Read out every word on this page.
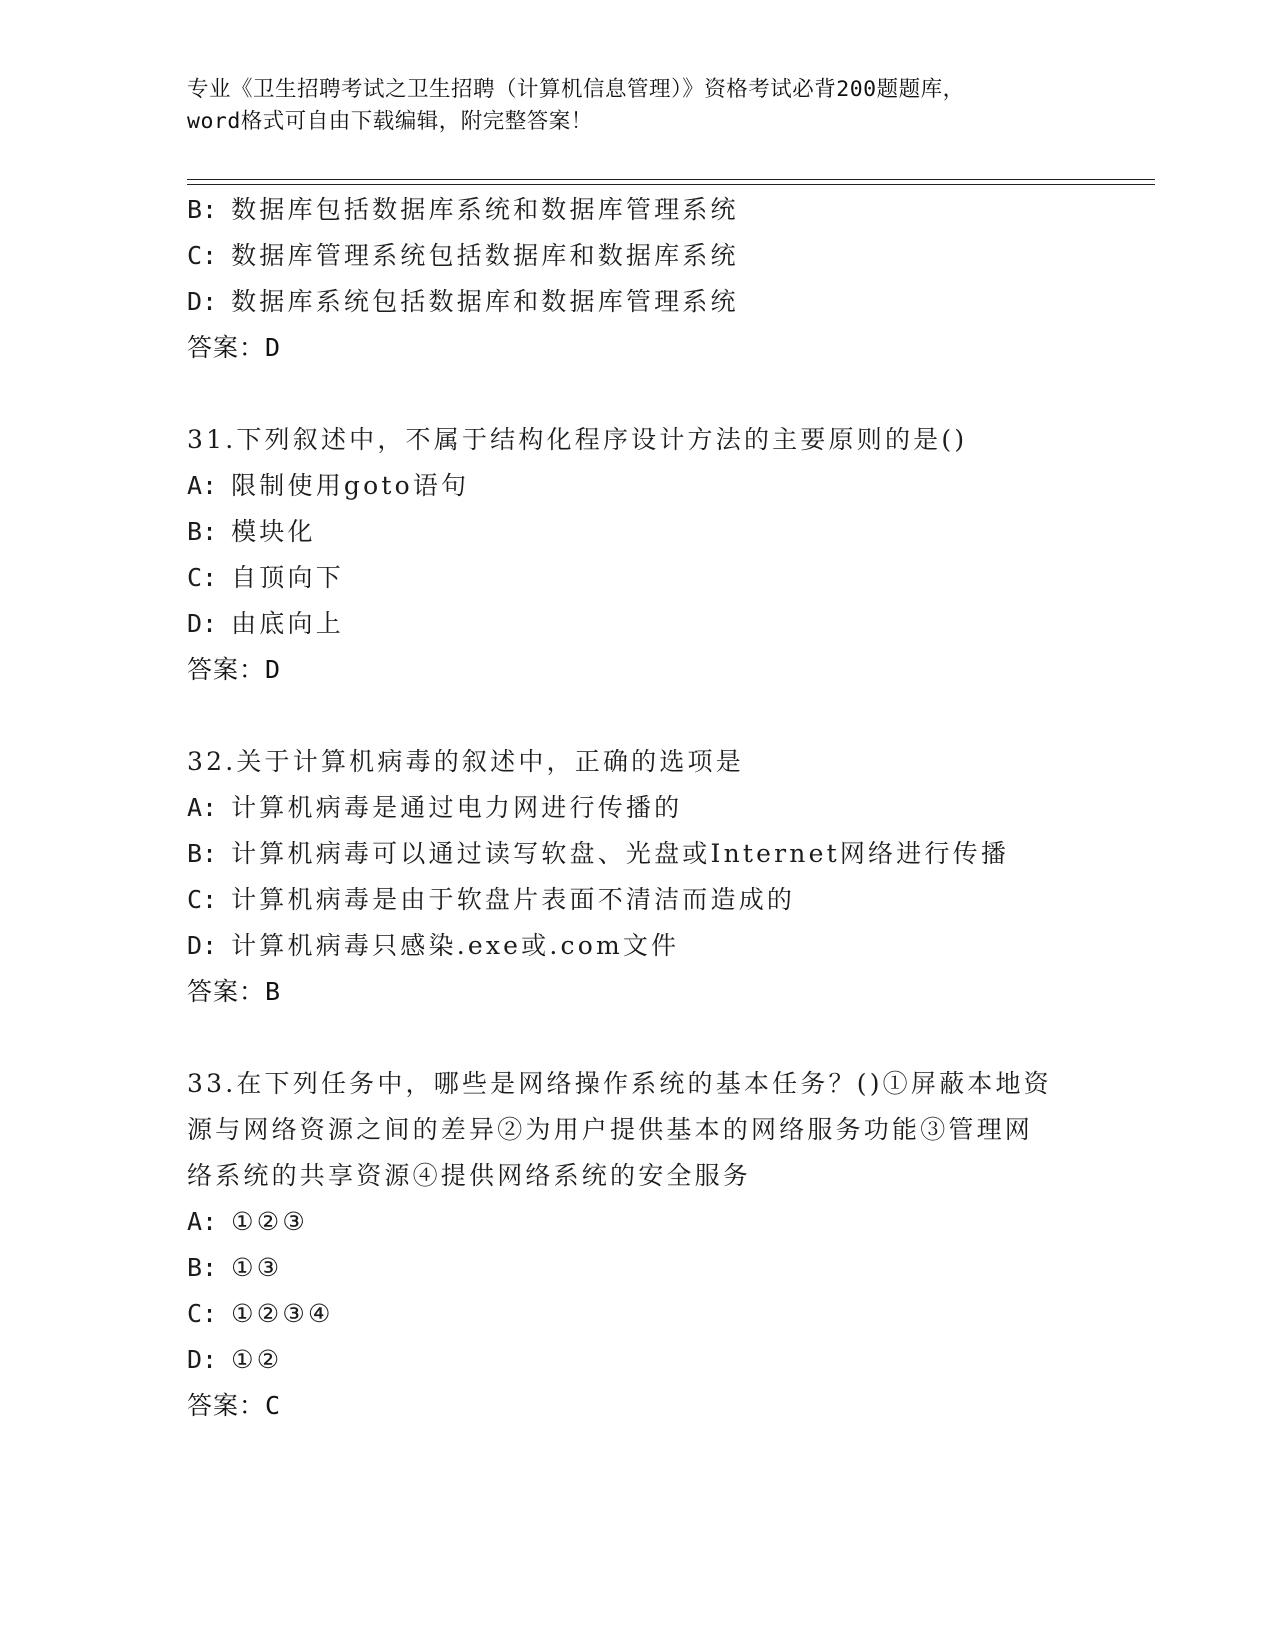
专业《卫生招聘考试之卫生招聘（计算机信息管理）》资格考试必背200题题库，
word格式可自由下载编辑，附完整答案！
B: 数据库包括数据库系统和数据库管理系统
C: 数据库管理系统包括数据库和数据库系统
D: 数据库系统包括数据库和数据库管理系统
答案：D
31.下列叙述中，不属于结构化程序设计方法的主要原则的是()
A: 限制使用goto语句
B: 模块化
C: 自顶向下
D: 由底向上
答案：D
32.关于计算机病毒的叙述中，正确的选项是
A: 计算机病毒是通过电力网进行传播的
B: 计算机病毒可以通过读写软盘、光盘或Internet网络进行传播
C: 计算机病毒是由于软盘片表面不清洁而造成的
D: 计算机病毒只感染.exe或.com文件
答案：B
33.在下列任务中，哪些是网络操作系统的基本任务？()①屏蔽本地资
源与网络资源之间的差异②为用户提供基本的网络服务功能③管理网
络系统的共享资源④提供网络系统的安全服务
A: ①②③
B: ①③
C: ①②③④
D: ①②
答案：C
